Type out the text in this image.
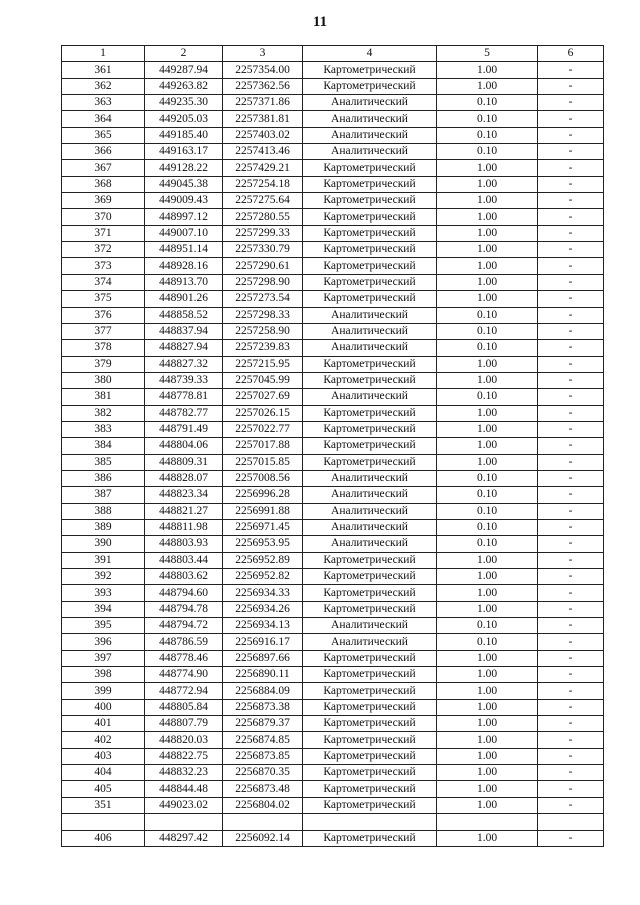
11
1	2	3	4	5	6
361	449287.94	2257354.00	Картометрический	1.00	-
362	449263.82	2257362.56	Картометрический	1.00	-
363	449235.30	2257371.86	Аналитический	0.10	-
364	449205.03	2257381.81	Аналитический	0.10	-
365	449185.40	2257403.02	Аналитический	0.10	-
366	449163.17	2257413.46	Аналитический	0.10	-
367	449128.22	2257429.21	Картометрический	1.00	-
368	449045.38	2257254.18	Картометрический	1.00	-
369	449009.43	2257275.64	Картометрический	1.00	-
370	448997.12	2257280.55	Картометрический	1.00	-
371	449007.10	2257299.33	Картометрический	1.00	-
372	448951.14	2257330.79	Картометрический	1.00	-
373	448928.16	2257290.61	Картометрический	1.00	-
374	448913.70	2257298.90	Картометрический	1.00	-
375	448901.26	2257273.54	Картометрический	1.00	-
376	448858.52	2257298.33	Аналитический	0.10	-
377	448837.94	2257258.90	Аналитический	0.10	-
378	448827.94	2257239.83	Аналитический	0.10	-
379	448827.32	2257215.95	Картометрический	1.00	-
380	448739.33	2257045.99	Картометрический	1.00	-
381	448778.81	2257027.69	Аналитический	0.10	-
382	448782.77	2257026.15	Картометрический	1.00	-
383	448791.49	2257022.77	Картометрический	1.00	-
384	448804.06	2257017.88	Картометрический	1.00	-
385	448809.31	2257015.85	Картометрический	1.00	-
386	448828.07	2257008.56	Аналитический	0.10	-
387	448823.34	2256996.28	Аналитический	0.10	-
388	448821.27	2256991.88	Аналитический	0.10	-
389	448811.98	2256971.45	Аналитический	0.10	-
390	448803.93	2256953.95	Аналитический	0.10	-
391	448803.44	2256952.89	Картометрический	1.00	-
392	448803.62	2256952.82	Картометрический	1.00	-
393	448794.60	2256934.33	Картометрический	1.00	-
394	448794.78	2256934.26	Картометрический	1.00	-
395	448794.72	2256934.13	Аналитический	0.10	-
396	448786.59	2256916.17	Аналитический	0.10	-
397	448778.46	2256897.66	Картометрический	1.00	-
398	448774.90	2256890.11	Картометрический	1.00	-
399	448772.94	2256884.09	Картометрический	1.00	-
400	448805.84	2256873.38	Картометрический	1.00	-
401	448807.79	2256879.37	Картометрический	1.00	-
402	448820.03	2256874.85	Картометрический	1.00	-
403	448822.75	2256873.85	Картометрический	1.00	-
404	448832.23	2256870.35	Картометрический	1.00	-
405	448844.48	2256873.48	Картометрический	1.00	-
351	449023.02	2256804.02	Картометрический	1.00	-

406	448297.42	2256092.14	Картометрический	1.00	-
